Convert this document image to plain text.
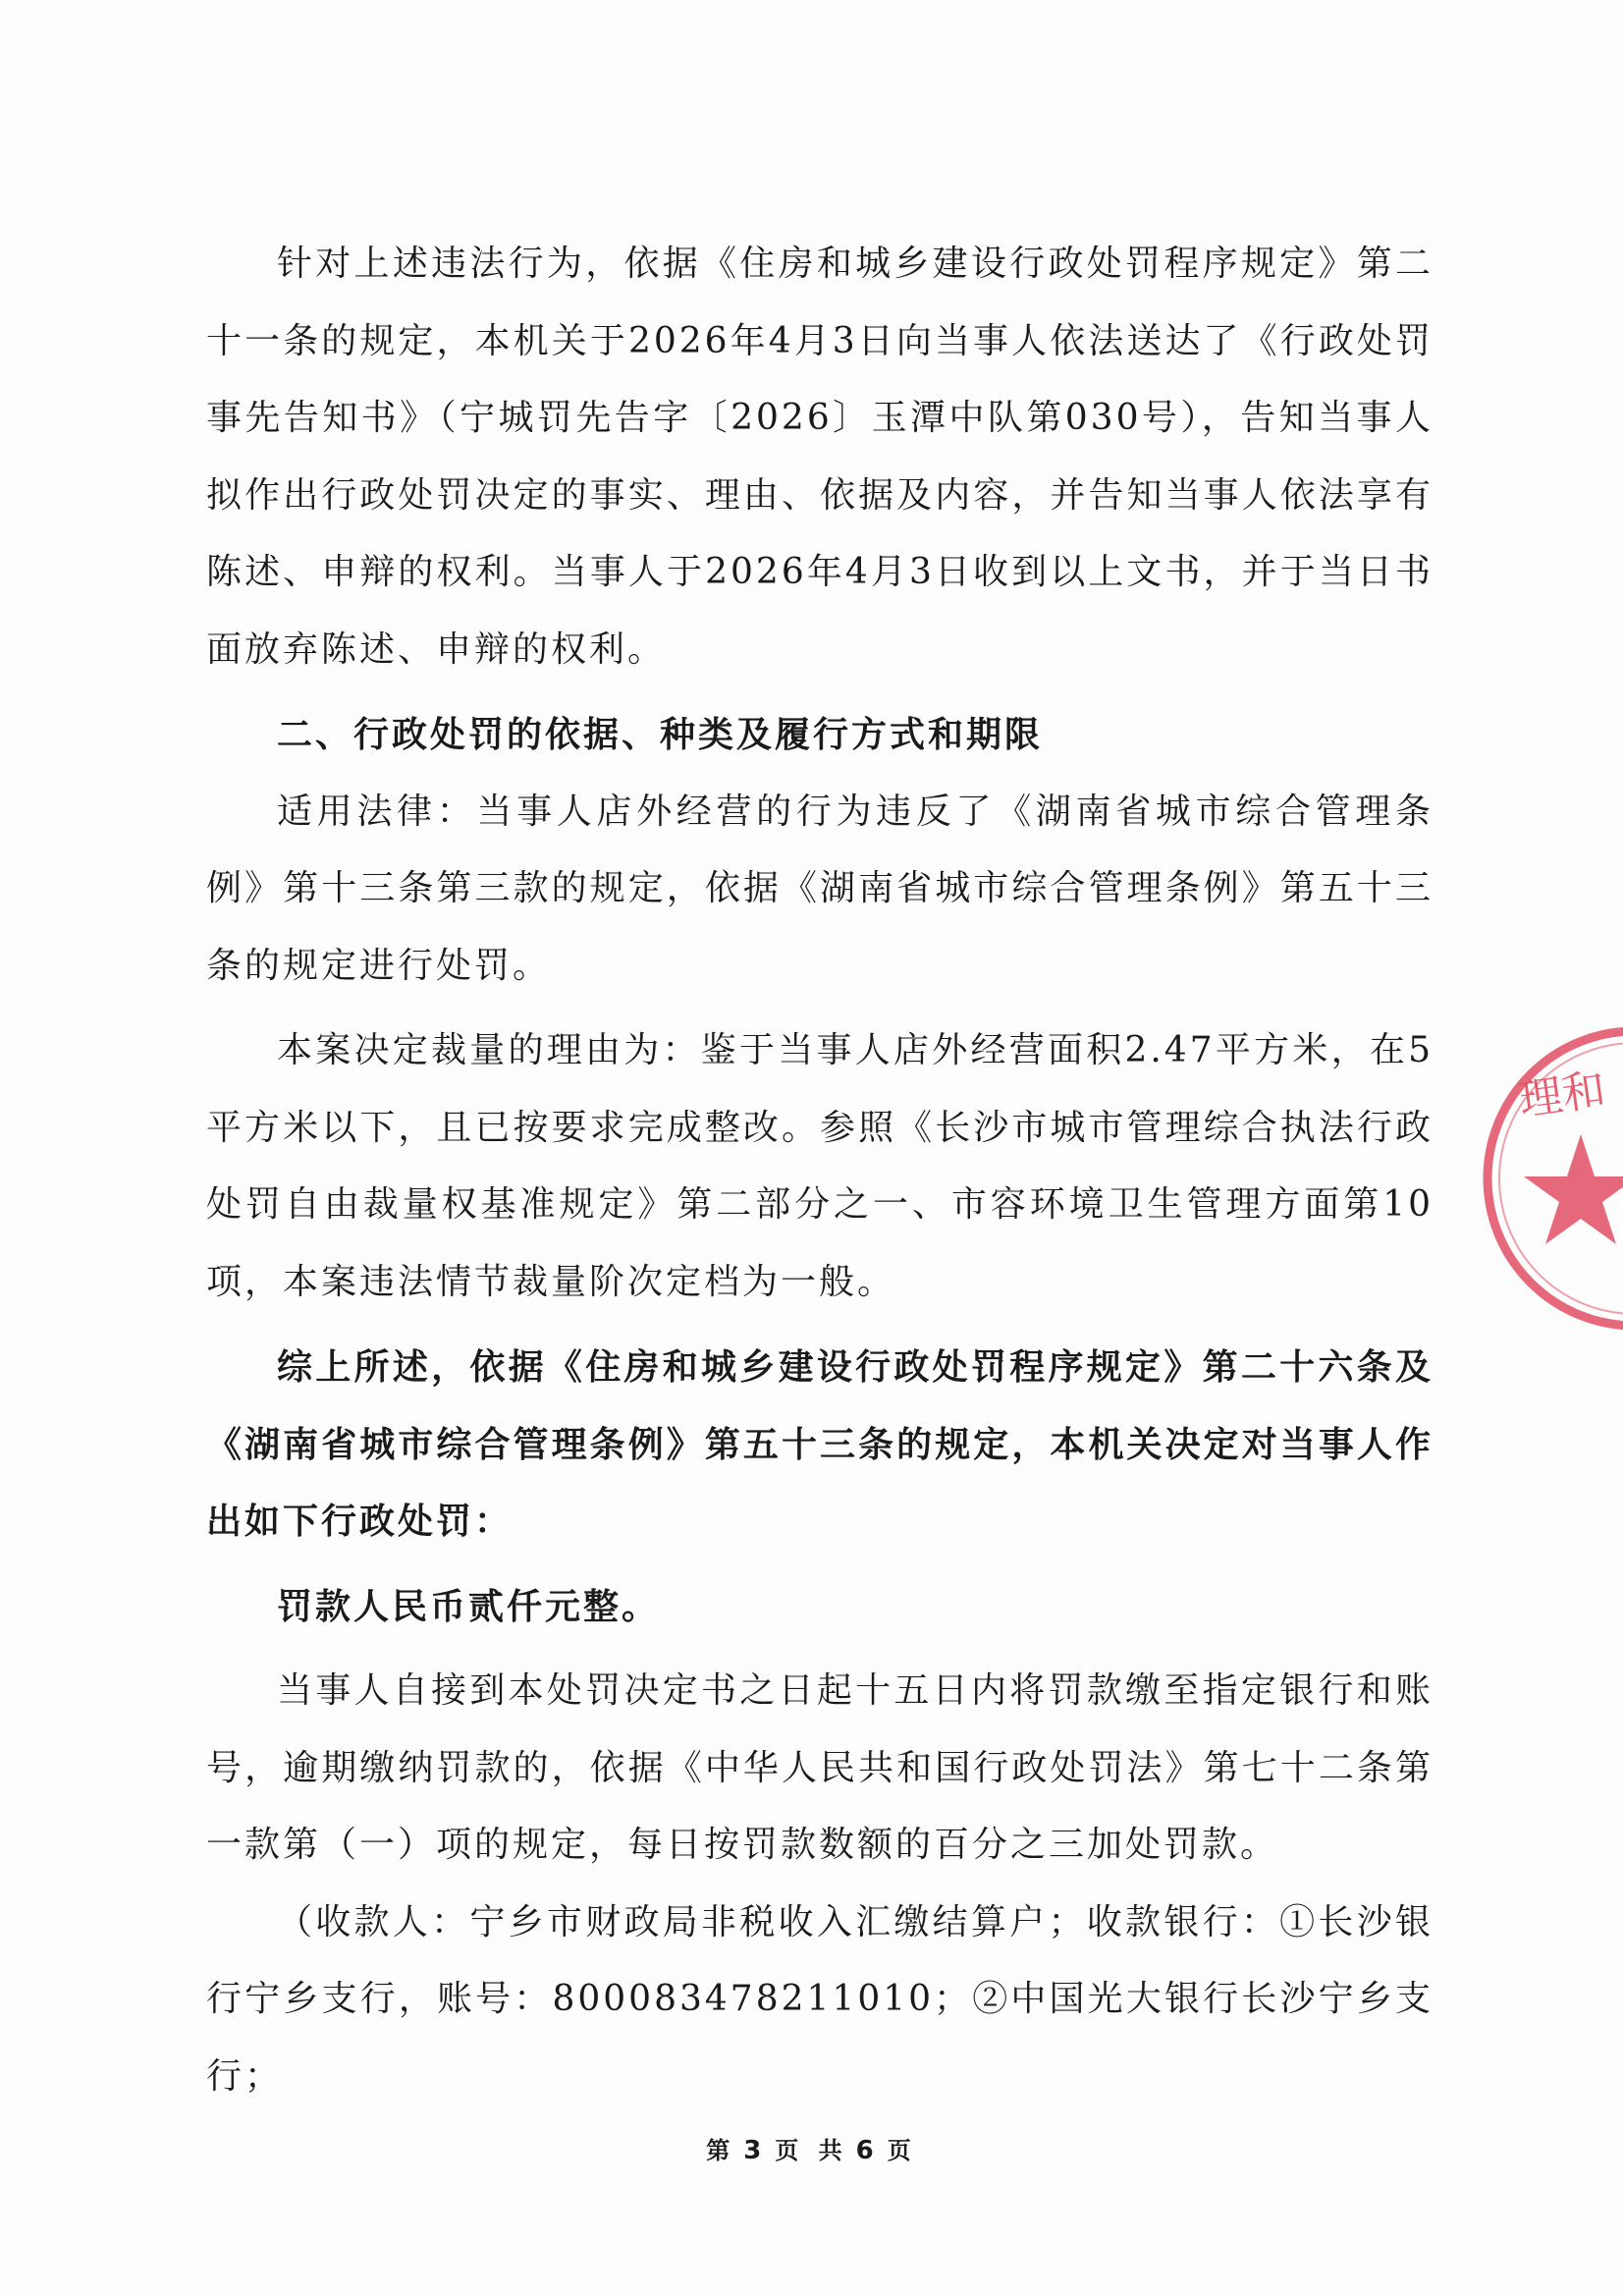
针对上述违法行为，依据《住房和城乡建设行政处罚程序规定》第二十一条的规定，本机关于2026年4月3日向当事人依法送达了《行政处罚事先告知书》（宁城罚先告字〔2026〕玉潭中队第030号），告知当事人拟作出行政处罚决定的事实、理由、依据及内容，并告知当事人依法享有陈述、申辩的权利。当事人于2026年4月3日收到以上文书，并于当日书面放弃陈述、申辩的权利。

二、行政处罚的依据、种类及履行方式和期限

适用法律：当事人店外经营的行为违反了《湖南省城市综合管理条例》第十三条第三款的规定，依据《湖南省城市综合管理条例》第五十三条的规定进行处罚。

本案决定裁量的理由为：鉴于当事人店外经营面积2.47平方米，在5平方米以下，且已按要求完成整改。参照《长沙市城市管理综合执法行政处罚自由裁量权基准规定》第二部分之一、市容环境卫生管理方面第10项，本案违法情节裁量阶次定档为一般。

综上所述，依据《住房和城乡建设行政处罚程序规定》第二十六条及《湖南省城市综合管理条例》第五十三条的规定，本机关决定对当事人作出如下行政处罚：

罚款人民币贰仟元整。

当事人自接到本处罚决定书之日起十五日内将罚款缴至指定银行和账号，逾期缴纳罚款的，依据《中华人民共和国行政处罚法》第七十二条第一款第（一）项的规定，每日按罚款数额的百分之三加处罚款。

（收款人：宁乡市财政局非税收入汇缴结算户；收款银行：①长沙银行宁乡支行，账号：800083478211010；②中国光大银行长沙宁乡支行；

理和
第 3 页 共 6 页
